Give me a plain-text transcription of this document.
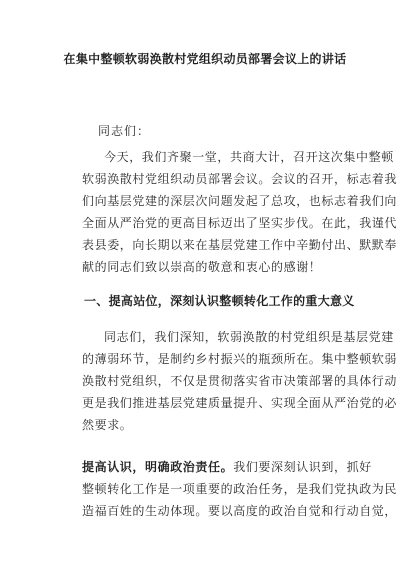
在集中整顿软弱涣散村党组织动员部署会议上的讲话
同志们：
今天，我们齐聚一堂，共商大计，召开这次集中整顿
软弱涣散村党组织动员部署会议。会议的召开，标志着我
们向基层党建的深层次问题发起了总攻，也标志着我们向
全面从严治党的更高目标迈出了坚实步伐。在此，我谨代
表县委，向长期以来在基层党建工作中辛勤付出、默默奉
献的同志们致以崇高的敬意和衷心的感谢！
一、提高站位，深刻认识整顿转化工作的重大意义
同志们，我们深知，软弱涣散的村党组织是基层党建
的薄弱环节，是制约乡村振兴的瓶颈所在。集中整顿软弱
涣散村党组织，不仅是贯彻落实省市决策部署的具体行动
更是我们推进基层党建质量提升、实现全面从严治党的必
然要求。
提高认识，明确政治责任。我们要深刻认识到，抓好
整顿转化工作是一项重要的政治任务，是我们党执政为民
造福百姓的生动体现。要以高度的政治自觉和行动自觉，
